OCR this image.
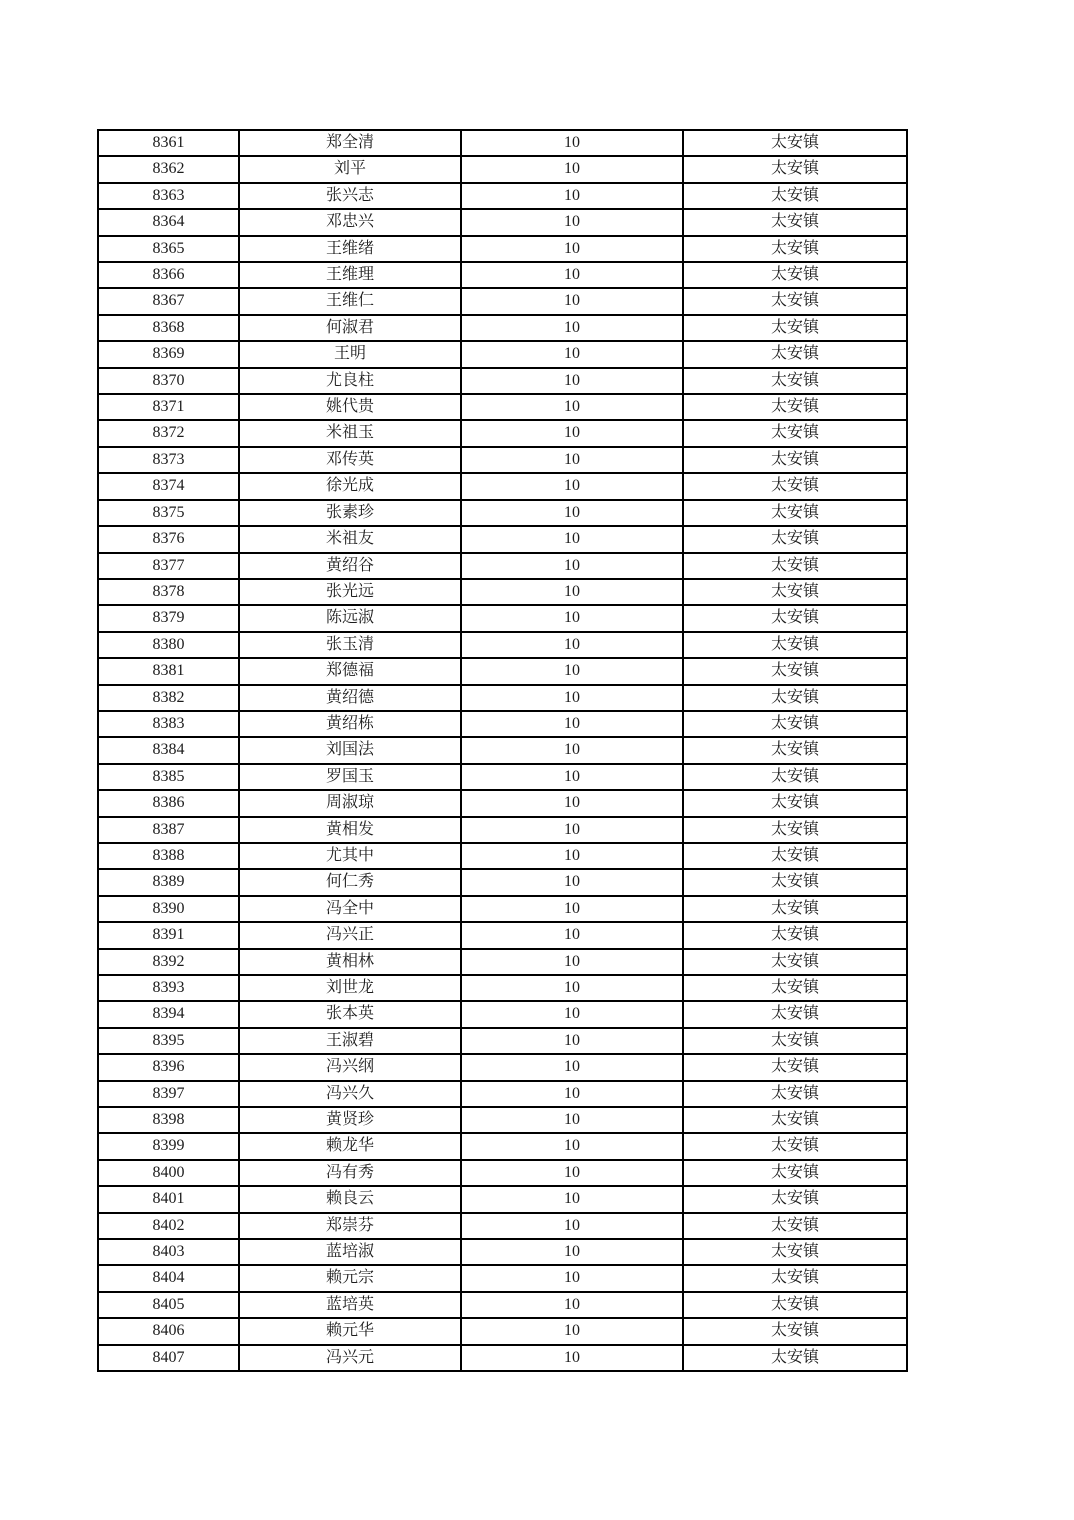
8361	郑全清	10	太安镇
8362	刘平	10	太安镇
8363	张兴志	10	太安镇
8364	邓忠兴	10	太安镇
8365	王维绪	10	太安镇
8366	王维理	10	太安镇
8367	王维仁	10	太安镇
8368	何淑君	10	太安镇
8369	王明	10	太安镇
8370	尤良柱	10	太安镇
8371	姚代贵	10	太安镇
8372	米祖玉	10	太安镇
8373	邓传英	10	太安镇
8374	徐光成	10	太安镇
8375	张素珍	10	太安镇
8376	米祖友	10	太安镇
8377	黄绍谷	10	太安镇
8378	张光远	10	太安镇
8379	陈远淑	10	太安镇
8380	张玉清	10	太安镇
8381	郑德福	10	太安镇
8382	黄绍德	10	太安镇
8383	黄绍栋	10	太安镇
8384	刘国法	10	太安镇
8385	罗国玉	10	太安镇
8386	周淑琼	10	太安镇
8387	黄相发	10	太安镇
8388	尤其中	10	太安镇
8389	何仁秀	10	太安镇
8390	冯全中	10	太安镇
8391	冯兴正	10	太安镇
8392	黄相林	10	太安镇
8393	刘世龙	10	太安镇
8394	张本英	10	太安镇
8395	王淑碧	10	太安镇
8396	冯兴纲	10	太安镇
8397	冯兴久	10	太安镇
8398	黄贤珍	10	太安镇
8399	赖龙华	10	太安镇
8400	冯有秀	10	太安镇
8401	赖良云	10	太安镇
8402	郑崇芬	10	太安镇
8403	蓝培淑	10	太安镇
8404	赖元宗	10	太安镇
8405	蓝培英	10	太安镇
8406	赖元华	10	太安镇
8407	冯兴元	10	太安镇
